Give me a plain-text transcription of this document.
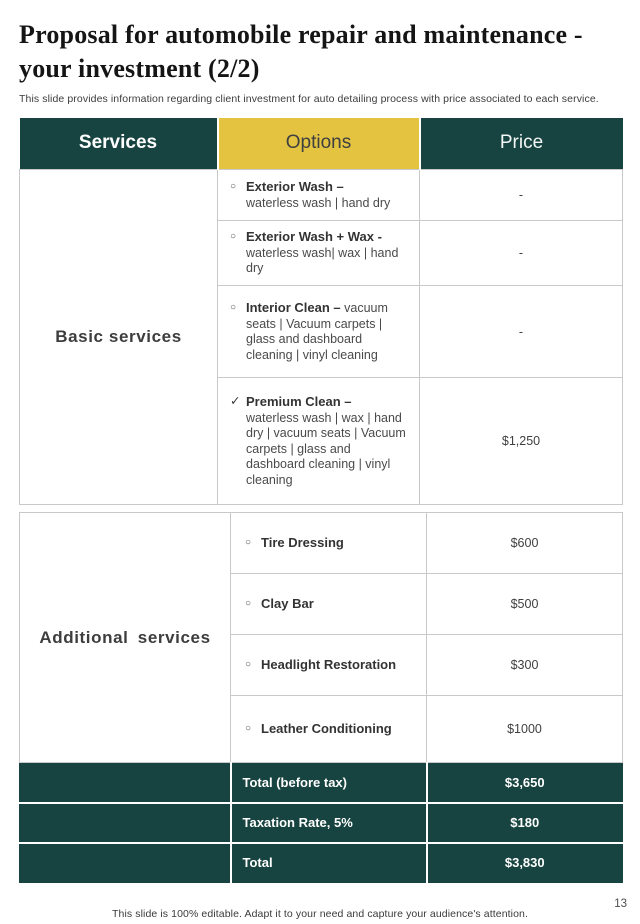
Proposal for automobile repair and maintenance - your investment (2/2)

This slide provides information regarding client investment for auto detailing process with price associated to each service.

Services	Options	Price
Basic services	○ Exterior Wash –
waterless wash | hand dry	-

	○ Exterior Wash + Wax -
waterless wash| wax | hand dry	-

	○ Interior Clean – vacuum seats | Vacuum carpets | glass and dashboard cleaning | vinyl cleaning	-

	✓ Premium Clean –
waterless wash | wax | hand dry | vacuum seats | Vacuum carpets | glass and dashboard cleaning | vinyl cleaning	$1,250
Additional services	○ Tire Dressing	$600

	○ Clay Bar	$500

	○ Headlight Restoration	$300

	○ Leather Conditioning	$1000
	Total (before tax)	$3,650
	Taxation Rate, 5%	$180
	Total	$3,830

This slide is 100% editable. Adapt it to your need and capture your audience's attention.

13
